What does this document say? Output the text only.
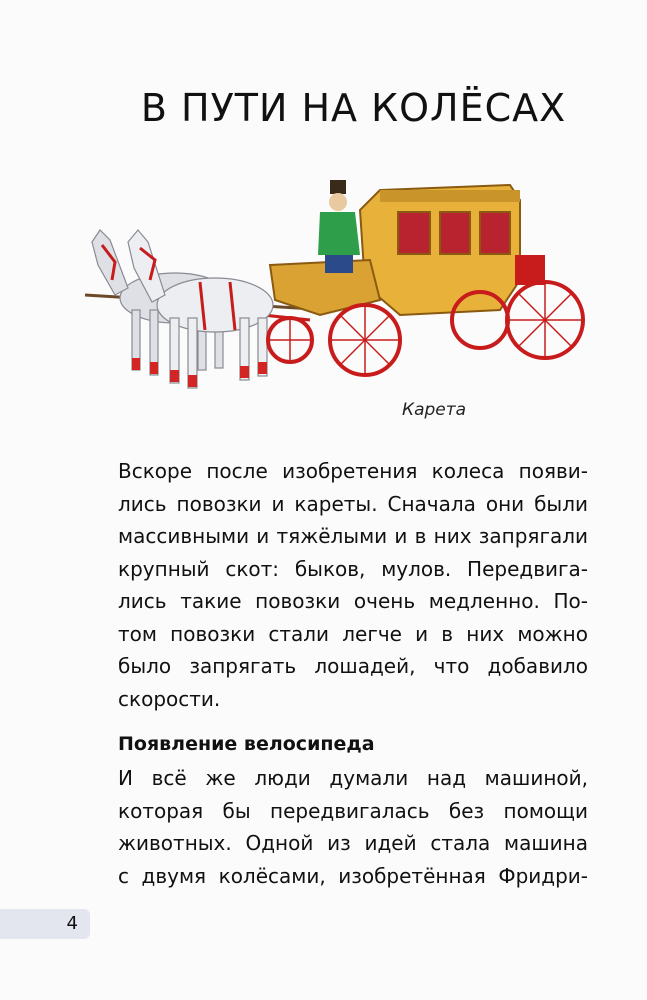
В ПУТИ НА КОЛЁСАХ
Карета
Вскоре после изобретения колеса появи-
лись повозки и кареты. Сначала они были
массивными и тяжёлыми и в них запрягали
крупный скот: быков, мулов. Передвига-
лись такие повозки очень медленно. По-
том повозки стали легче и в них можно
было запрягать лошадей, что добавило
скорости.
Появление велосипеда
И всё же люди думали над машиной,
которая бы передвигалась без помощи
животных. Одной из идей стала машина
с двумя колёсами, изобретённая Фридри-
4
